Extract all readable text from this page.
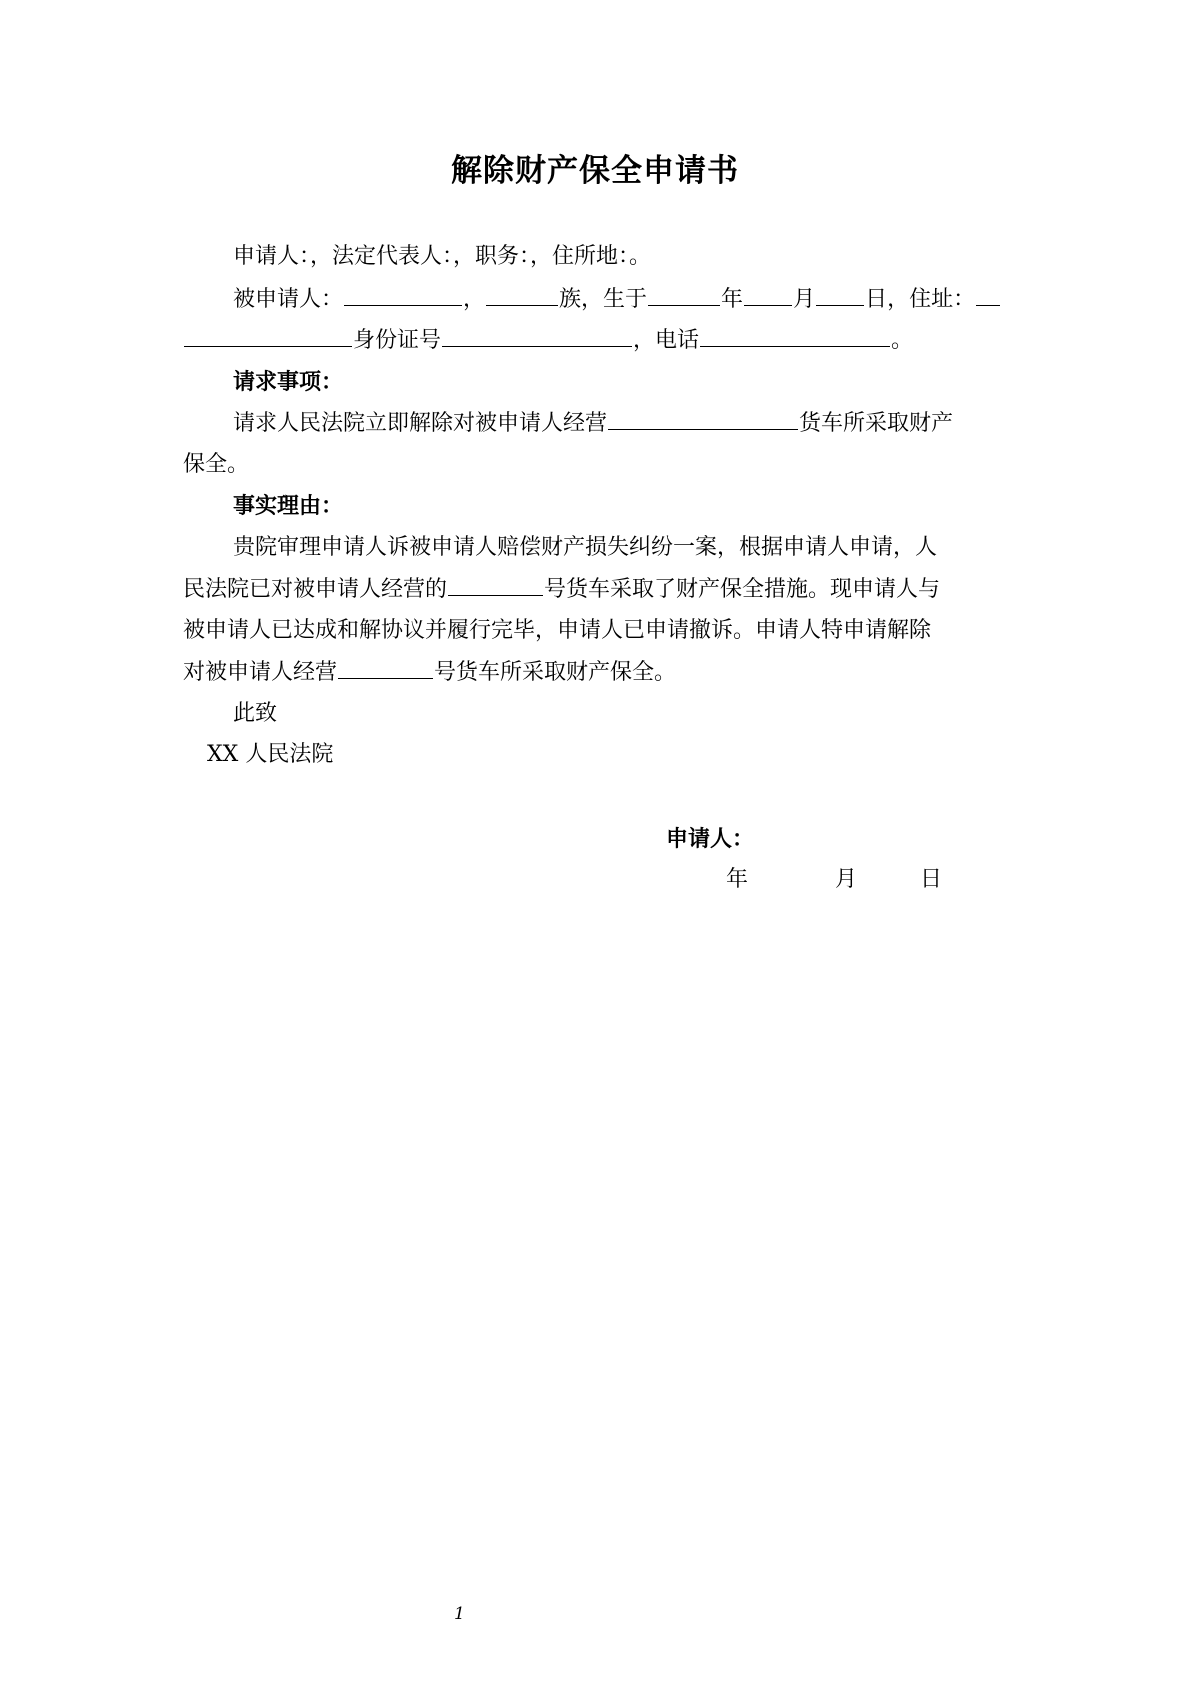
解除财产保全申请书
申请人：，法定代表人：，职务：，住所地：。
被申请人：	，	族，生于	年 月 日，住址：
身份证号	，电话	。
请求事项：
请求人民法院立即解除对被申请人经营	货车所采取财产
保全。
事实理由：
贵院审理申请人诉被申请人赔偿财产损失纠纷一案，根据申请人申请，人
民法院已对被申请人经营的	号货车采取了财产保全措施。现申请人与
被申请人已达成和解协议并履行完毕，申请人已申请撤诉。申请人特申请解除
对被申请人经营	号货车所采取财产保全。
此致
XX 人民法院
申请人：
年	月	日
1
